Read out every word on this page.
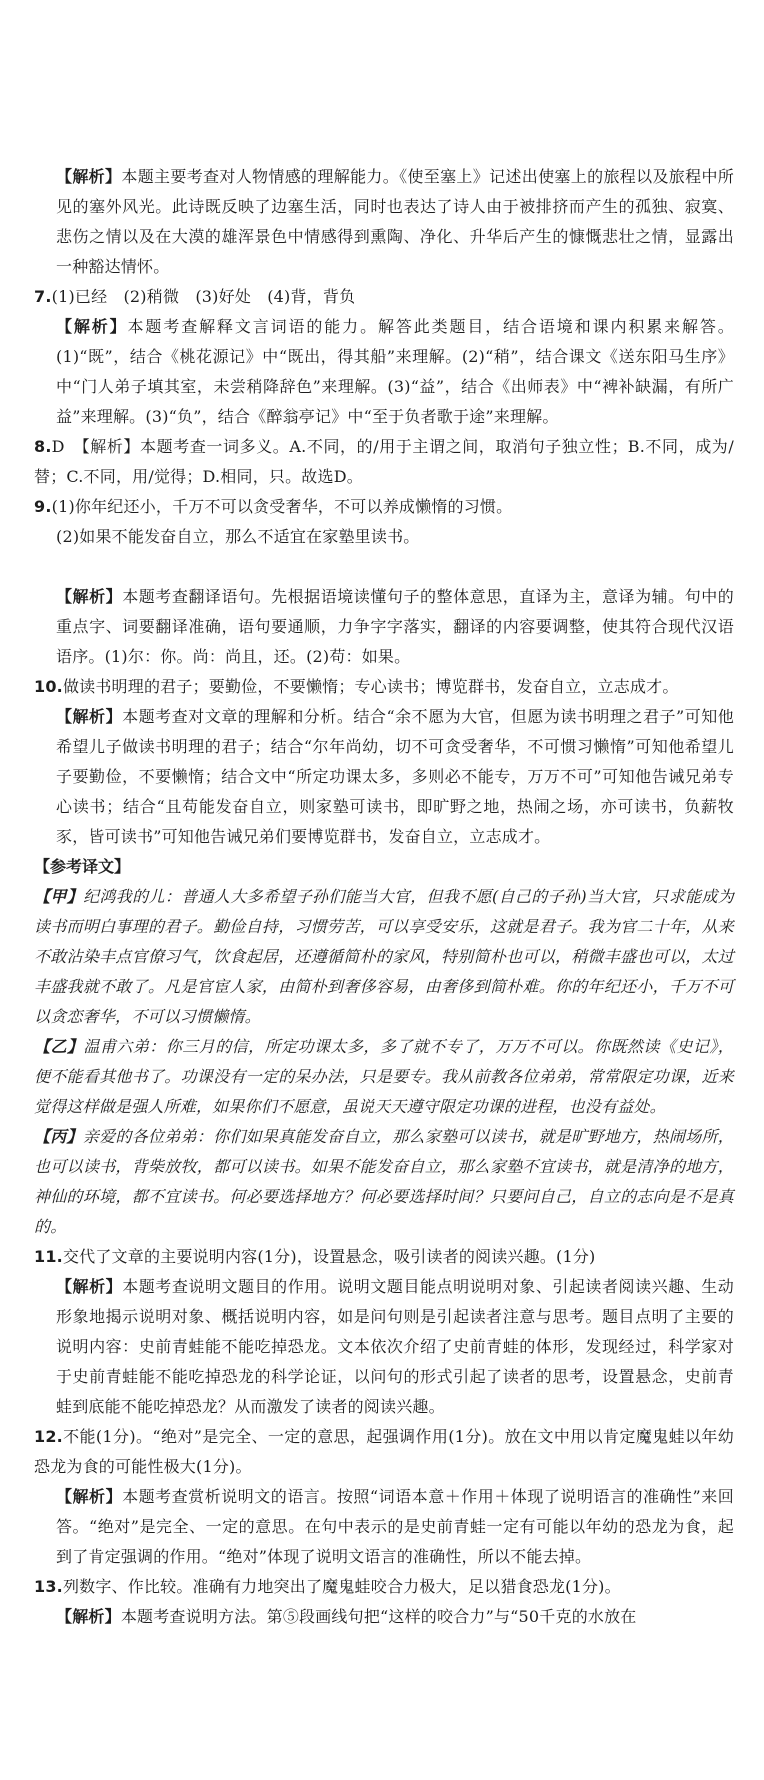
【解析】本题主要考查对人物情感的理解能力。《使至塞上》记述出使塞上的旅程以及旅程中所见的塞外风光。此诗既反映了边塞生活，同时也表达了诗人由于被排挤而产生的孤独、寂寞、悲伤之情以及在大漠的雄浑景色中情感得到熏陶、净化、升华后产生的慷慨悲壮之情，显露出一种豁达情怀。

7.(1)已经　(2)稍微　(3)好处　(4)背，背负

【解析】本题考查解释文言词语的能力。解答此类题目，结合语境和课内积累来解答。(1)“既”，结合《桃花源记》中“既出，得其船”来理解。(2)“稍”，结合课文《送东阳马生序》中“门人弟子填其室，未尝稍降辞色”来理解。(3)“益”，结合《出师表》中“裨补缺漏，有所广益”来理解。(3)“负”，结合《醉翁亭记》中“至于负者歌于途”来理解。

8.D　【解析】本题考查一词多义。A.不同，的/用于主谓之间，取消句子独立性；B.不同，成为/替；C.不同，用/觉得；D.相同，只。故选D。

9.(1)你年纪还小，千万不可以贪受奢华，不可以养成懒惰的习惯。

(2)如果不能发奋自立，那么不适宜在家塾里读书。

【解析】本题考查翻译语句。先根据语境读懂句子的整体意思，直译为主，意译为辅。句中的重点字、词要翻译准确，语句要通顺，力争字字落实，翻译的内容要调整，使其符合现代汉语语序。(1)尔：你。尚：尚且，还。(2)苟：如果。

10.做读书明理的君子；要勤俭，不要懒惰；专心读书；博览群书，发奋自立，立志成才。

【解析】本题考查对文章的理解和分析。结合“余不愿为大官，但愿为读书明理之君子”可知他希望儿子做读书明理的君子；结合“尔年尚幼，切不可贪受奢华，不可惯习懒惰”可知他希望儿子要勤俭，不要懒惰；结合文中“所定功课太多，多则必不能专，万万不可”可知他告诫兄弟专心读书；结合“且苟能发奋自立，则家塾可读书，即旷野之地，热闹之场，亦可读书，负薪牧豕，皆可读书”可知他告诫兄弟们要博览群书，发奋自立，立志成才。

【参考译文】

【甲】纪鸿我的儿：普通人大多希望子孙们能当大官，但我不愿(自己的子孙)当大官，只求能成为读书而明白事理的君子。勤俭自持，习惯劳苦，可以享受安乐，这就是君子。我为官二十年，从来不敢沾染丰点官僚习气，饮食起居，还遵循简朴的家风，特别简朴也可以，稍微丰盛也可以，太过丰盛我就不敢了。凡是官宦人家，由简朴到奢侈容易，由奢侈到简朴难。你的年纪还小，千万不可以贪恋奢华，不可以习惯懒惰。

【乙】温甫六弟：你三月的信，所定功课太多，多了就不专了，万万不可以。你既然读《史记》，便不能看其他书了。功课没有一定的呆办法，只是要专。我从前教各位弟弟，常常限定功课，近来觉得这样做是强人所难，如果你们不愿意，虽说天天遵守限定功课的进程，也没有益处。

【丙】亲爱的各位弟弟：你们如果真能发奋自立，那么家塾可以读书，就是旷野地方，热闹场所，也可以读书，背柴放牧，都可以读书。如果不能发奋自立，那么家塾不宜读书，就是清净的地方，神仙的环境，都不宜读书。何必要选择地方？何必要选择时间？只要问自己，自立的志向是不是真的。

11.交代了文章的主要说明内容(1分)，设置悬念，吸引读者的阅读兴趣。(1分)

【解析】本题考查说明文题目的作用。说明文题目能点明说明对象、引起读者阅读兴趣、生动形象地揭示说明对象、概括说明内容，如是问句则是引起读者注意与思考。题目点明了主要的说明内容：史前青蛙能不能吃掉恐龙。文本依次介绍了史前青蛙的体形，发现经过，科学家对于史前青蛙能不能吃掉恐龙的科学论证，以问句的形式引起了读者的思考，设置悬念，史前青蛙到底能不能吃掉恐龙？从而激发了读者的阅读兴趣。

12.不能(1分)。“绝对”是完全、一定的意思，起强调作用(1分)。放在文中用以肯定魔鬼蛙以年幼恐龙为食的可能性极大(1分)。

【解析】本题考查赏析说明文的语言。按照“词语本意＋作用＋体现了说明语言的准确性”来回答。“绝对”是完全、一定的意思。在句中表示的是史前青蛙一定有可能以年幼的恐龙为食，起到了肯定强调的作用。“绝对”体现了说明文语言的准确性，所以不能去掉。

13.列数字、作比较。准确有力地突出了魔鬼蛙咬合力极大，足以猎食恐龙(1分)。

【解析】本题考查说明方法。第⑤段画线句把“这样的咬合力”与“50千克的水放在
